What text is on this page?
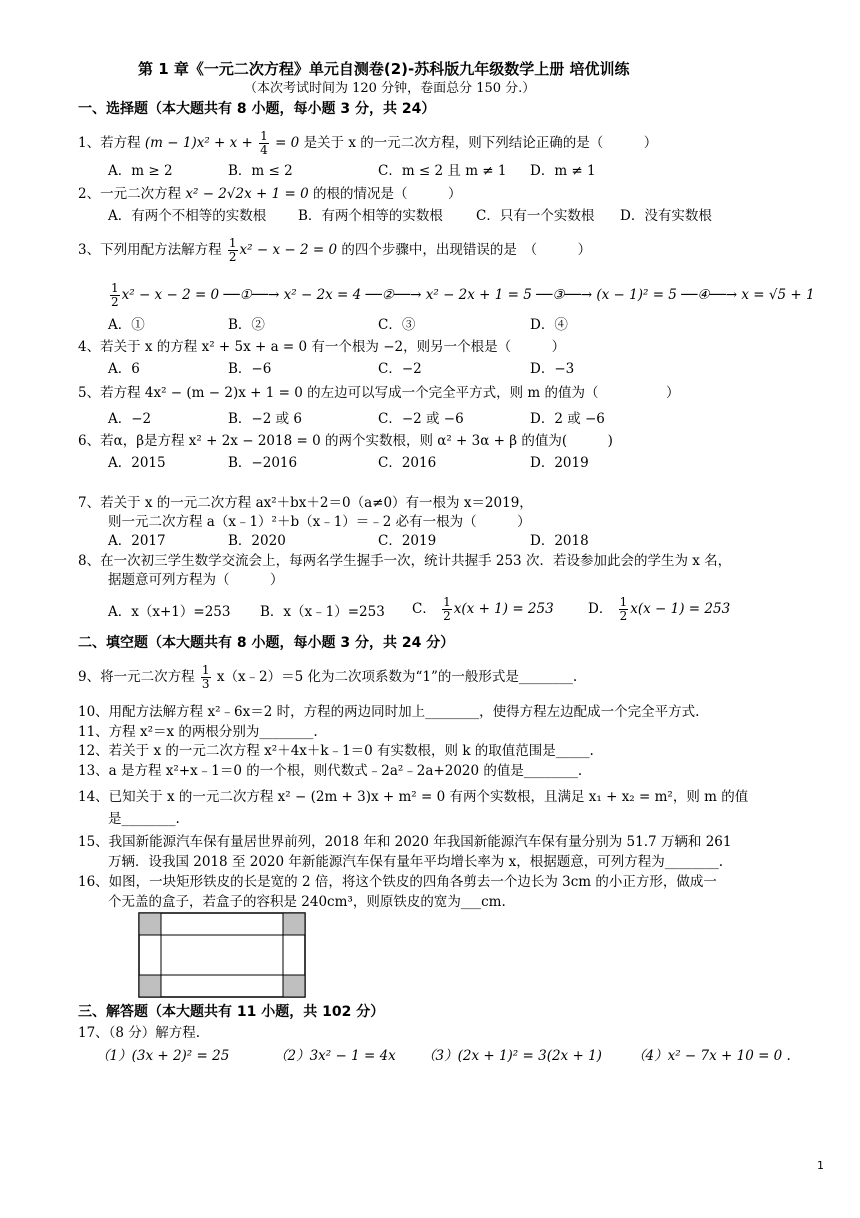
第 1 章《一元二次方程》单元自测卷(2)-苏科版九年级数学上册 培优训练
（本次考试时间为 120 分钟，卷面总分 150 分.）
一、选择题（本大题共有 8 小题，每小题 3 分，共 24）
1、若方程 $(m - 1)x^2 + x + \frac{1}{4} = 0$ 是关于 x 的一元二次方程，则下列结论正确的是（　　　）
A．m ≥ 2	B．m ≤ 2	C．m ≤ 2 且 m ≠ 1 D．m ≠ 1
2、一元二次方程 x² − 2√2x + 1 = 0 的根的情况是（　　　）
A．有两个不相等的实数根 B．有两个相等的实数根 C．只有一个实数根 D．没有实数根
3、下列用配方法解方程 $\frac{1}{2} x^2 - x - 2 = 0$ 的四个步骤中，出现错误的是　（　　　）
$\frac{1}{2} x^2 - x - 2 = 0$ ──①──→ x² − 2x = 4 ──②──→ x² − 2x + 1 = 5 ──③──→ (x − 1)² = 5 ──④──→ x = √5 + 1
A．①	B．②	C．③	D．④
4、若关于 x 的方程 x² + 5x + a = 0 有一个根为 −2，则另一个根是（　　　）
A．6	B．−6	C．−2	D．−3
5、若方程 4x² − (m − 2)x + 1 = 0 的左边可以写成一个完全平方式，则 m 的值为（　　　　　）
A．−2	B．−2 或 6	C．−2 或 −6	D．2 或 −6
6、若α，β是方程 x² + 2x − 2018 = 0 的两个实数根，则 α² + 3α + β 的值为(　　　)
A．2015	B．−2016	C．2016	D．2019
7、若关于 x 的一元二次方程 ax²＋bx＋2＝0（a≠0）有一根为 x＝2019，
则一元二次方程 a（x﹣1）²＋b（x﹣1）＝﹣2 必有一根为（　　　）
A．2017	B．2020	C．2019	D．2018
8、在一次初三学生数学交流会上，每两名学生握手一次，统计共握手 253 次．若设参加此会的学生为 x 名，
据题意可列方程为（　　　）
A．x（x+1）=253 B．x（x﹣1）=253 C． $\frac{1}{2} x(x + 1) = 253$	D． $\frac{1}{2} x(x - 1) = 253$
二、填空题（本大题共有 8 小题，每小题 3 分，共 24 分）
9、将一元二次方程 $\frac{1}{3}$ x（x﹣2）＝5 化为二次项系数为“1”的一般形式是________.
10、用配方法解方程 x²﹣6x＝2 时，方程的两边同时加上________，使得方程左边配成一个完全平方式.
11、方程 x²＝x 的两根分别为________.
12、若关于 x 的一元二次方程 x²＋4x＋k﹣1＝0 有实数根，则 k 的取值范围是_____.
13、a 是方程 x²+x﹣1＝0 的一个根，则代数式﹣2a²﹣2a+2020 的值是________.
14、已知关于 x 的一元二次方程 x² − (2m + 3)x + m² = 0 有两个实数根，且满足 x₁ + x₂ = m²，则 m 的值
是________.
15、我国新能源汽车保有量居世界前列，2018 年和 2020 年我国新能源汽车保有量分别为 51.7 万辆和 261
万辆．设我国 2018 至 2020 年新能源汽车保有量年平均增长率为 x，根据题意，可列方程为________.
16、如图，一块矩形铁皮的长是宽的 2 倍，将这个铁皮的四角各剪去一个边长为 3cm 的小正方形，做成一
个无盖的盒子，若盒子的容积是 240cm³，则原铁皮的宽为___cm.
三、解答题（本大题共有 11 小题，共 102 分）
17、（8 分）解方程.
（1）(3x + 2)² = 25	（2）3x² − 1 = 4x （3）(2x + 1)² = 3(2x + 1) （4）x² − 7x + 10 = 0 .
1
